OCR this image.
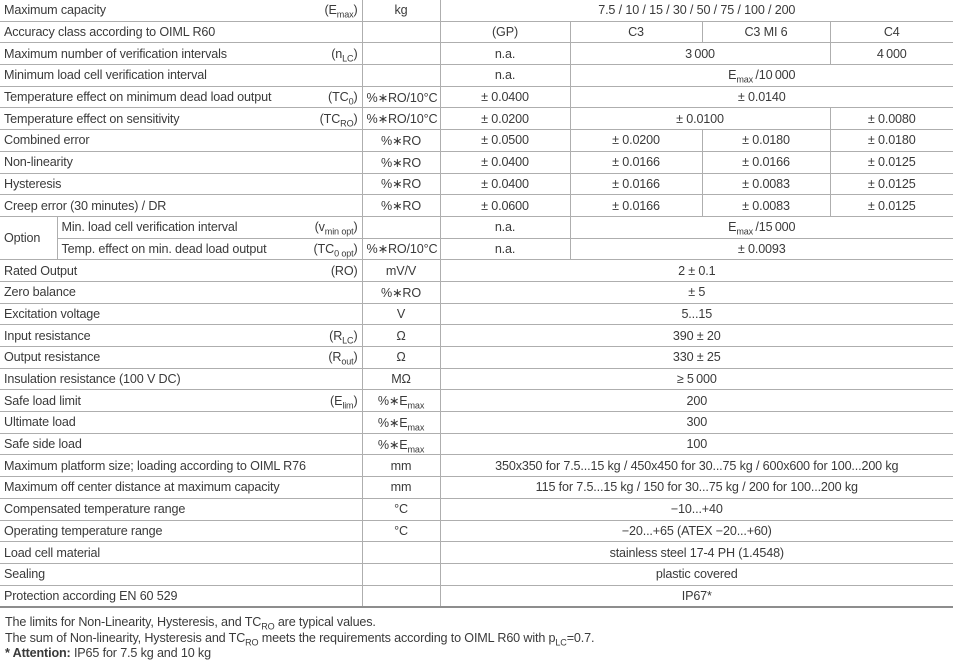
Maximum capacity $(E_{max})$		kg	7.5 / 10 / 15 / 30 / 50 / 75 / 100 / 200			

Accuracy class according to OIML R60			(GP)	C3	C3 MI 6	C4

Maximum number of verification intervals $(n_{LC})$			n.a.	3 000		4 000

Minimum load cell verification interval			n.a.	$E_{max}$ /10 000		

Temperature effect on minimum dead load output $(TC_0)$		%∗RO/10°C	± 0.0400	± 0.0140		

Temperature effect on sensitivity $(TC_{RO})$		%∗RO/10°C	± 0.0200	± 0.0100		± 0.0080

Combined error		%∗RO	± 0.0500	± 0.0200	± 0.0180	± 0.0180

Non-linearity		%∗RO	± 0.0400	± 0.0166	± 0.0166	± 0.0125

Hysteresis		%∗RO	± 0.0400	± 0.0166	± 0.0083	± 0.0125

Creep error (30 minutes) / DR		%∗RO	± 0.0600	± 0.0166	± 0.0083	± 0.0125
Option	Min. load cell verification interval $(v_{min opt})$		n.a.	$E_{max}$ /15 000		

	Temp. effect on min. dead load output $(TC_{0 opt})$	%∗RO/10°C	n.a.	± 0.0093		

Rated Output (RO)		mV/V	2 ± 0.1			

Zero balance		%∗RO	± 5			

Excitation voltage		V	5...15			

Input resistance $(R_{LC})$		Ω	390 ± 20			

Output resistance $(R_{out})$		Ω	330 ± 25			

Insulation resistance (100 V DC)		MΩ	≥ 5 000			

Safe load limit $(E_{lim})$		$\%∗E_{max}$	200			

Ultimate load		$\%∗E_{max}$	300			

Safe side load		$\%∗E_{max}$	100			

Maximum platform size; loading according to OIML R76		mm	350x350 for 7.5...15 kg / 450x450 for 30...75 kg / 600x600 for 100...200 kg			

Maximum off center distance at maximum capacity		mm	115 for 7.5...15 kg / 150 for 30...75 kg / 200 for 100...200 kg			

Compensated temperature range		°C	−10...+40			

Operating temperature range		°C	−20...+65 (ATEX −20...+60)			

Load cell material			stainless steel 17-4 PH (1.4548)			

Sealing			plastic covered			

Protection according EN 60 529			IP67*			

The limits for Non-Linearity, Hysteresis, and $TC_{RO}$ are typical values.

The sum of Non-linearity, Hysteresis and $TC_{RO}$ meets the requirements according to OIML R60 with $p_{LC}=0.7$.

* Attention: IP65 for 7.5 kg and 10 kg
